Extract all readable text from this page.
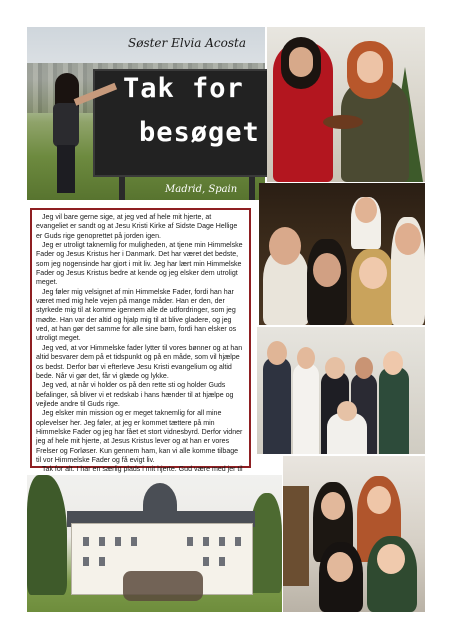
Tak for
besøget
Søster Elvia Acosta
Madrid, Spain

Jeg vil bare gerne sige, at jeg ved af hele mit hjerte, at evangeliet er sandt og at Jesu Kristi Kirke af Sidste Dage Hellige er Guds rige genoprettet på jorden igen.

Jeg er utroligt taknemlig for muligheden, at tjene min Himmelske Fader og Jesus Kristus her i Danmark. Det har været det bedste, som jeg nogensinde har gjort i mit liv. Jeg har lært min Himmelske Fader og Jesus Kristus bedre at kende og jeg elsker dem utroligt meget.

Jeg føler mig velsignet af min Himmelske Fader, fordi han har været med mig hele vejen på mange måder. Han er den, der styrkede mig til at komme igennem alle de udfordringer, som jeg mødte. Han var der altid og hjalp mig til at blive gladere, og jeg ved, at han gør det samme for alle sine børn, fordi han elsker os utroligt meget.

Jeg ved, at vor Himmelske fader lytter til vores bønner og at han altid besvarer dem på et tidspunkt og på en måde, som vil hjælpe os bedst. Derfor bør vi efterleve Jesu Kristi evangelium og altid bede. Når vi gør det, får vi glæde og lykke.

Jeg ved, at når vi holder os på den rette sti og holder Guds befalinger, så bliver vi et redskab i hans hænder til at hjælpe og vejlede andre til Guds rige.

Jeg elsker min mission og er meget taknemlig for all mine oplevelser her. Jeg føler, at jeg er kommet tættere på min Himmelske Fader og jeg har fået et stort vidnesbyrd. Derfor vidner jeg af hele mit hjerte, at Jesus Kristus lever og at han er vores Frelser og Forløser. Kun gennem ham, kan vi alle komme tilbage til vor Himmelske Fader og få evigt liv.

Tak for alt. I har en særlig plads i mit hjerte. Gud være med jer til
